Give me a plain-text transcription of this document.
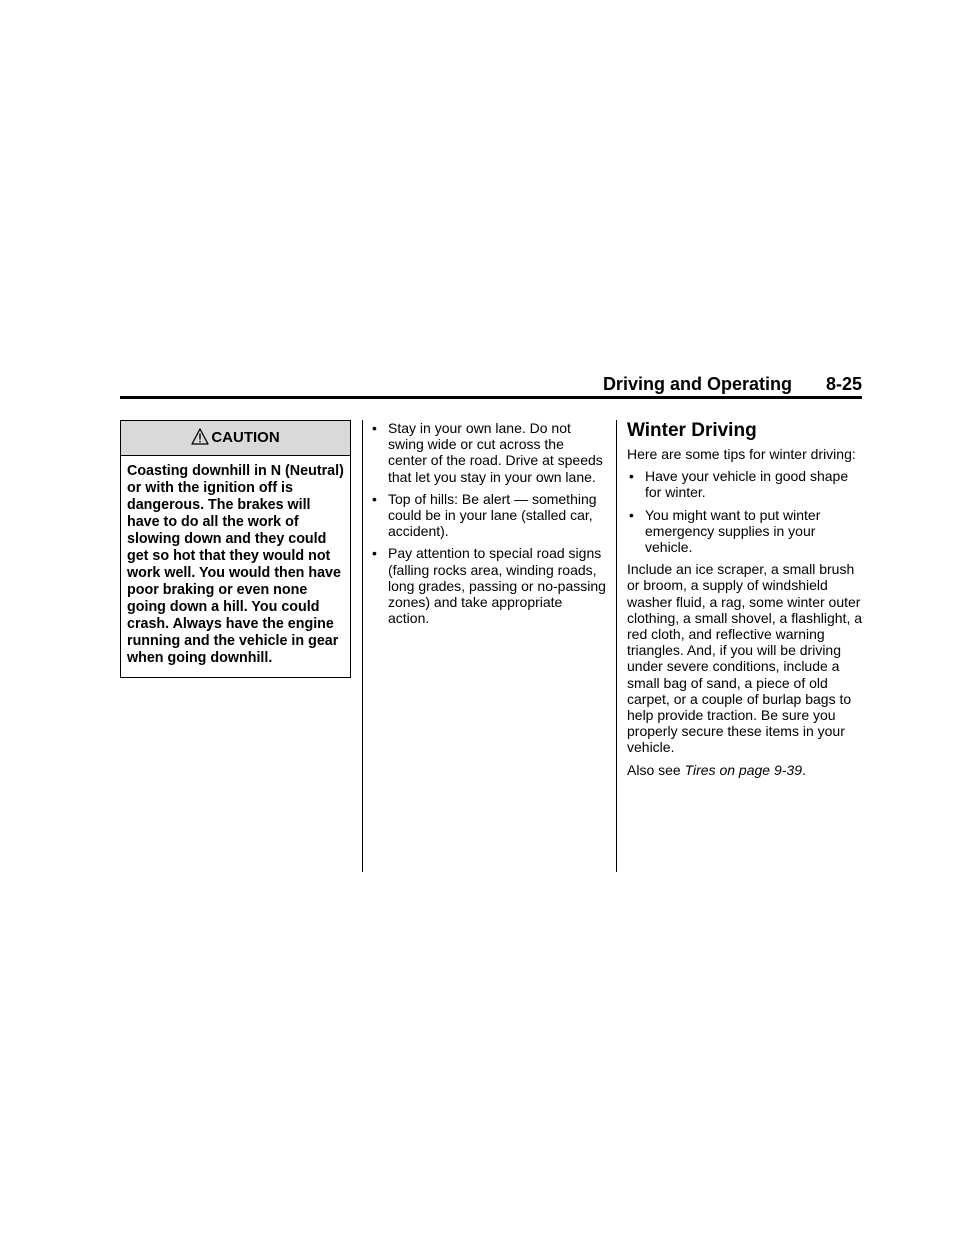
Driving and Operating 8-25
CAUTION
Coasting downhill in N (Neutral) or with the ignition off is dangerous. The brakes will have to do all the work of slowing down and they could get so hot that they would not work well. You would then have poor braking or even none going down a hill. You could crash. Always have the engine running and the vehicle in gear when going downhill.
• Stay in your own lane. Do not swing wide or cut across the center of the road. Drive at speeds that let you stay in your own lane.
• Top of hills: Be alert — something could be in your lane (stalled car, accident).
• Pay attention to special road signs (falling rocks area, winding roads, long grades, passing or no-passing zones) and take appropriate action.
Winter Driving

Here are some tips for winter driving:

• Have your vehicle in good shape for winter.
• You might want to put winter emergency supplies in your vehicle.

Include an ice scraper, a small brush or broom, a supply of windshield washer fluid, a rag, some winter outer clothing, a small shovel, a flashlight, a red cloth, and reflective warning triangles. And, if you will be driving under severe conditions, include a small bag of sand, a piece of old carpet, or a couple of burlap bags to help provide traction. Be sure you properly secure these items in your vehicle.

Also see Tires on page 9-39.
